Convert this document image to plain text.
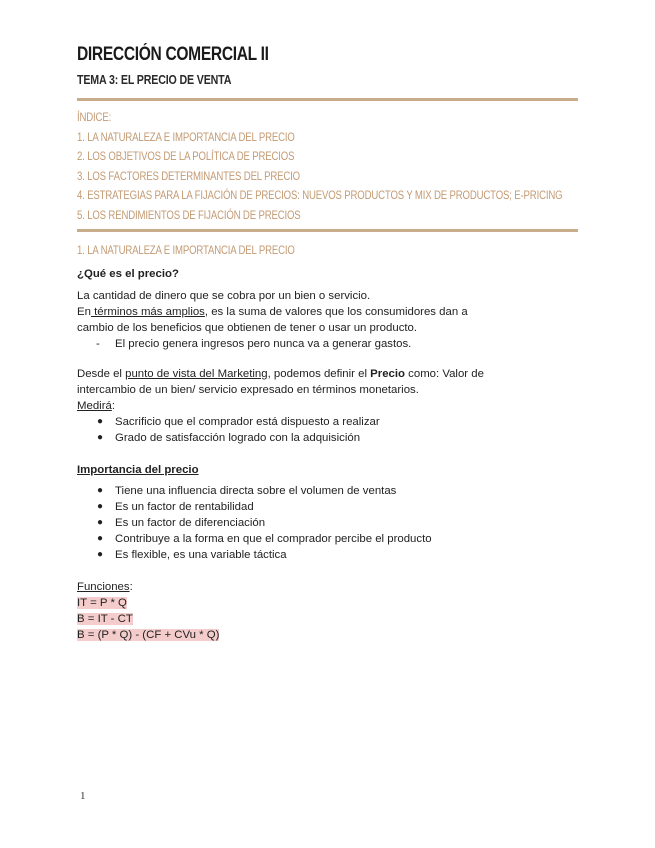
DIRECCIÓN COMERCIAL II
TEMA 3: EL PRECIO DE VENTA
ÍNDICE:
1. LA NATURALEZA E IMPORTANCIA DEL PRECIO
2. LOS OBJETIVOS DE LA POLÍTICA DE PRECIOS
3. LOS FACTORES DETERMINANTES DEL PRECIO
4. ESTRATEGIAS PARA LA FIJACIÓN DE PRECIOS: NUEVOS PRODUCTOS Y MIX DE PRODUCTOS; E-PRICING
5. LOS RENDIMIENTOS DE FIJACIÓN DE PRECIOS
1. LA NATURALEZA E IMPORTANCIA DEL PRECIO
¿Qué es el precio?
La cantidad de dinero que se cobra por un bien o servicio.
En términos más amplios, es la suma de valores que los consumidores dan a
cambio de los beneficios que obtienen de tener o usar un producto.
- El precio genera ingresos pero nunca va a generar gastos.
Desde el punto de vista del Marketing, podemos definir el Precio como: Valor de
intercambio de un bien/ servicio expresado en términos monetarios.
Medirá:
● Sacrificio que el comprador está dispuesto a realizar
● Grado de satisfacción logrado con la adquisición
Importancia del precio
● Tiene una influencia directa sobre el volumen de ventas
● Es un factor de rentabilidad
● Es un factor de diferenciación
● Contribuye a la forma en que el comprador percibe el producto
● Es flexible, es una variable táctica
Funciones:
IT = P * Q
B = IT - CT
B = (P * Q) - (CF + CVu * Q)
1
